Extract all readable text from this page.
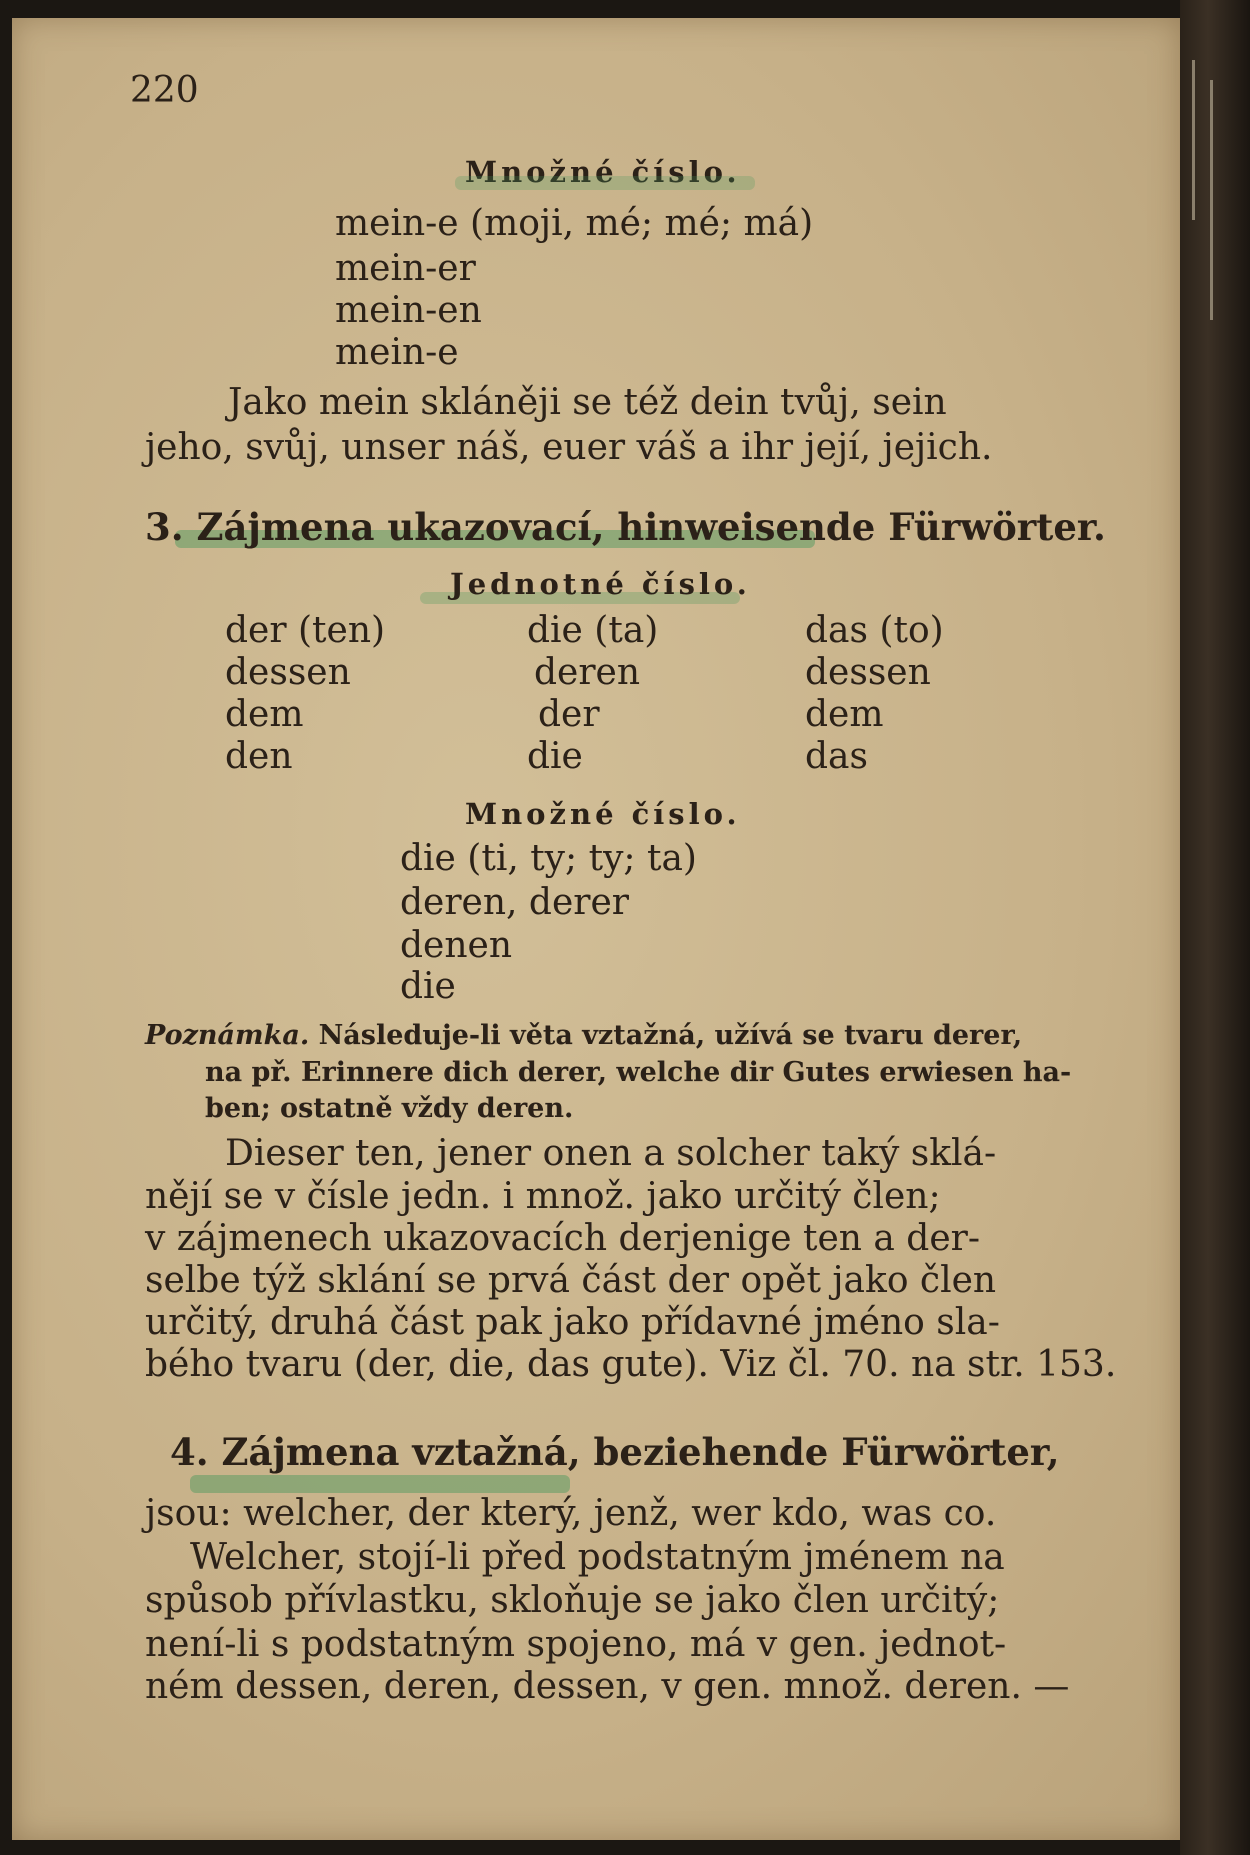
220
Množné číslo.
mein-e (moji, mé; mé; má)
mein-er
mein-en
mein-e
Jako mein skláněji se též dein tvůj, sein
jeho, svůj, unser náš, euer váš a ihr její, jejich.
3. Zájmena ukazovací, hinweisende Fürwörter.
Jednotné číslo.
der (ten)
dessen
dem
den
die (ta)
deren
der
die
das (to)
dessen
dem
das
Množné číslo.
die (ti, ty; ty; ta)
deren, derer
denen
die
Poznámka. Následuje-li věta vztažná, užívá se tvaru derer,
na př. Erinnere dich derer, welche dir Gutes erwiesen ha-
ben; ostatně vždy deren.
Dieser ten, jener onen a solcher taký sklá-
nějí se v čísle jedn. i množ. jako určitý člen;
v zájmenech ukazovacích derjenige ten a der-
selbe týž sklání se prvá část der opět jako člen
určitý, druhá část pak jako přídavné jméno sla-
bého tvaru (der, die, das gute). Viz čl. 70. na str. 153.
4. Zájmena vztažná, beziehende Fürwörter,
jsou: welcher, der který, jenž, wer kdo, was co.
Welcher, stojí-li před podstatným jménem na
spůsob přívlastku, skloňuje se jako člen určitý;
není-li s podstatným spojeno, má v gen. jednot-
ném dessen, deren, dessen, v gen. množ. deren. —
